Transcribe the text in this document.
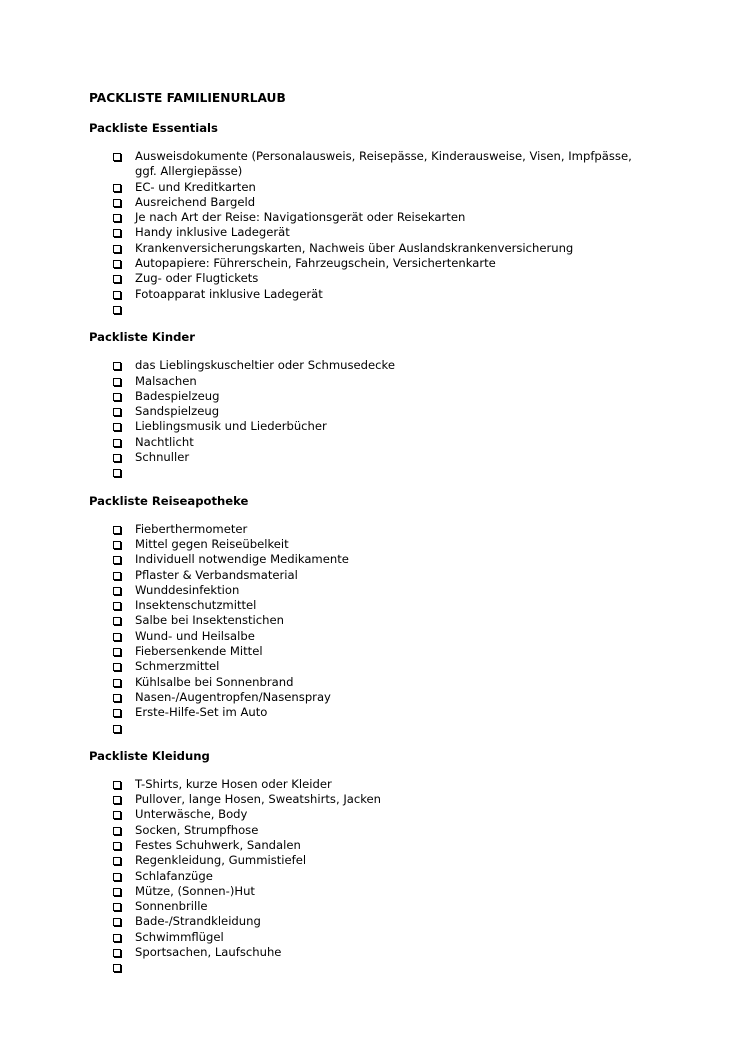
PACKLISTE FAMILIENURLAUB
Packliste Essentials
Ausweisdokumente (Personalausweis, Reisepässe, Kinderausweise, Visen, Impfpässe, ggf. Allergiepässe)
EC- und Kreditkarten
Ausreichend Bargeld
Je nach Art der Reise: Navigationsgerät oder Reisekarten
Handy inklusive Ladegerät
Krankenversicherungskarten, Nachweis über Auslandskrankenversicherung
Autopapiere: Führerschein, Fahrzeugschein, Versichertenkarte
Zug- oder Flugtickets
Fotoapparat inklusive Ladegerät

Packliste Kinder
das Lieblingskuscheltier oder Schmusedecke
Malsachen
Badespielzeug
Sandspielzeug
Lieblingsmusik und Liederbücher
Nachtlicht
Schnuller

Packliste Reiseapotheke
Fieberthermometer
Mittel gegen Reiseübelkeit
Individuell notwendige Medikamente
Pflaster & Verbandsmaterial
Wunddesinfektion
Insektenschutzmittel
Salbe bei Insektenstichen
Wund- und Heilsalbe
Fiebersenkende Mittel
Schmerzmittel
Kühlsalbe bei Sonnenbrand
Nasen-/Augentropfen/Nasenspray
Erste-Hilfe-Set im Auto

Packliste Kleidung
T-Shirts, kurze Hosen oder Kleider
Pullover, lange Hosen, Sweatshirts, Jacken
Unterwäsche, Body
Socken, Strumpfhose
Festes Schuhwerk, Sandalen
Regenkleidung, Gummistiefel
Schlafanzüge
Mütze, (Sonnen-)Hut
Sonnenbrille
Bade-/Strandkleidung
Schwimmflügel
Sportsachen, Laufschuhe
